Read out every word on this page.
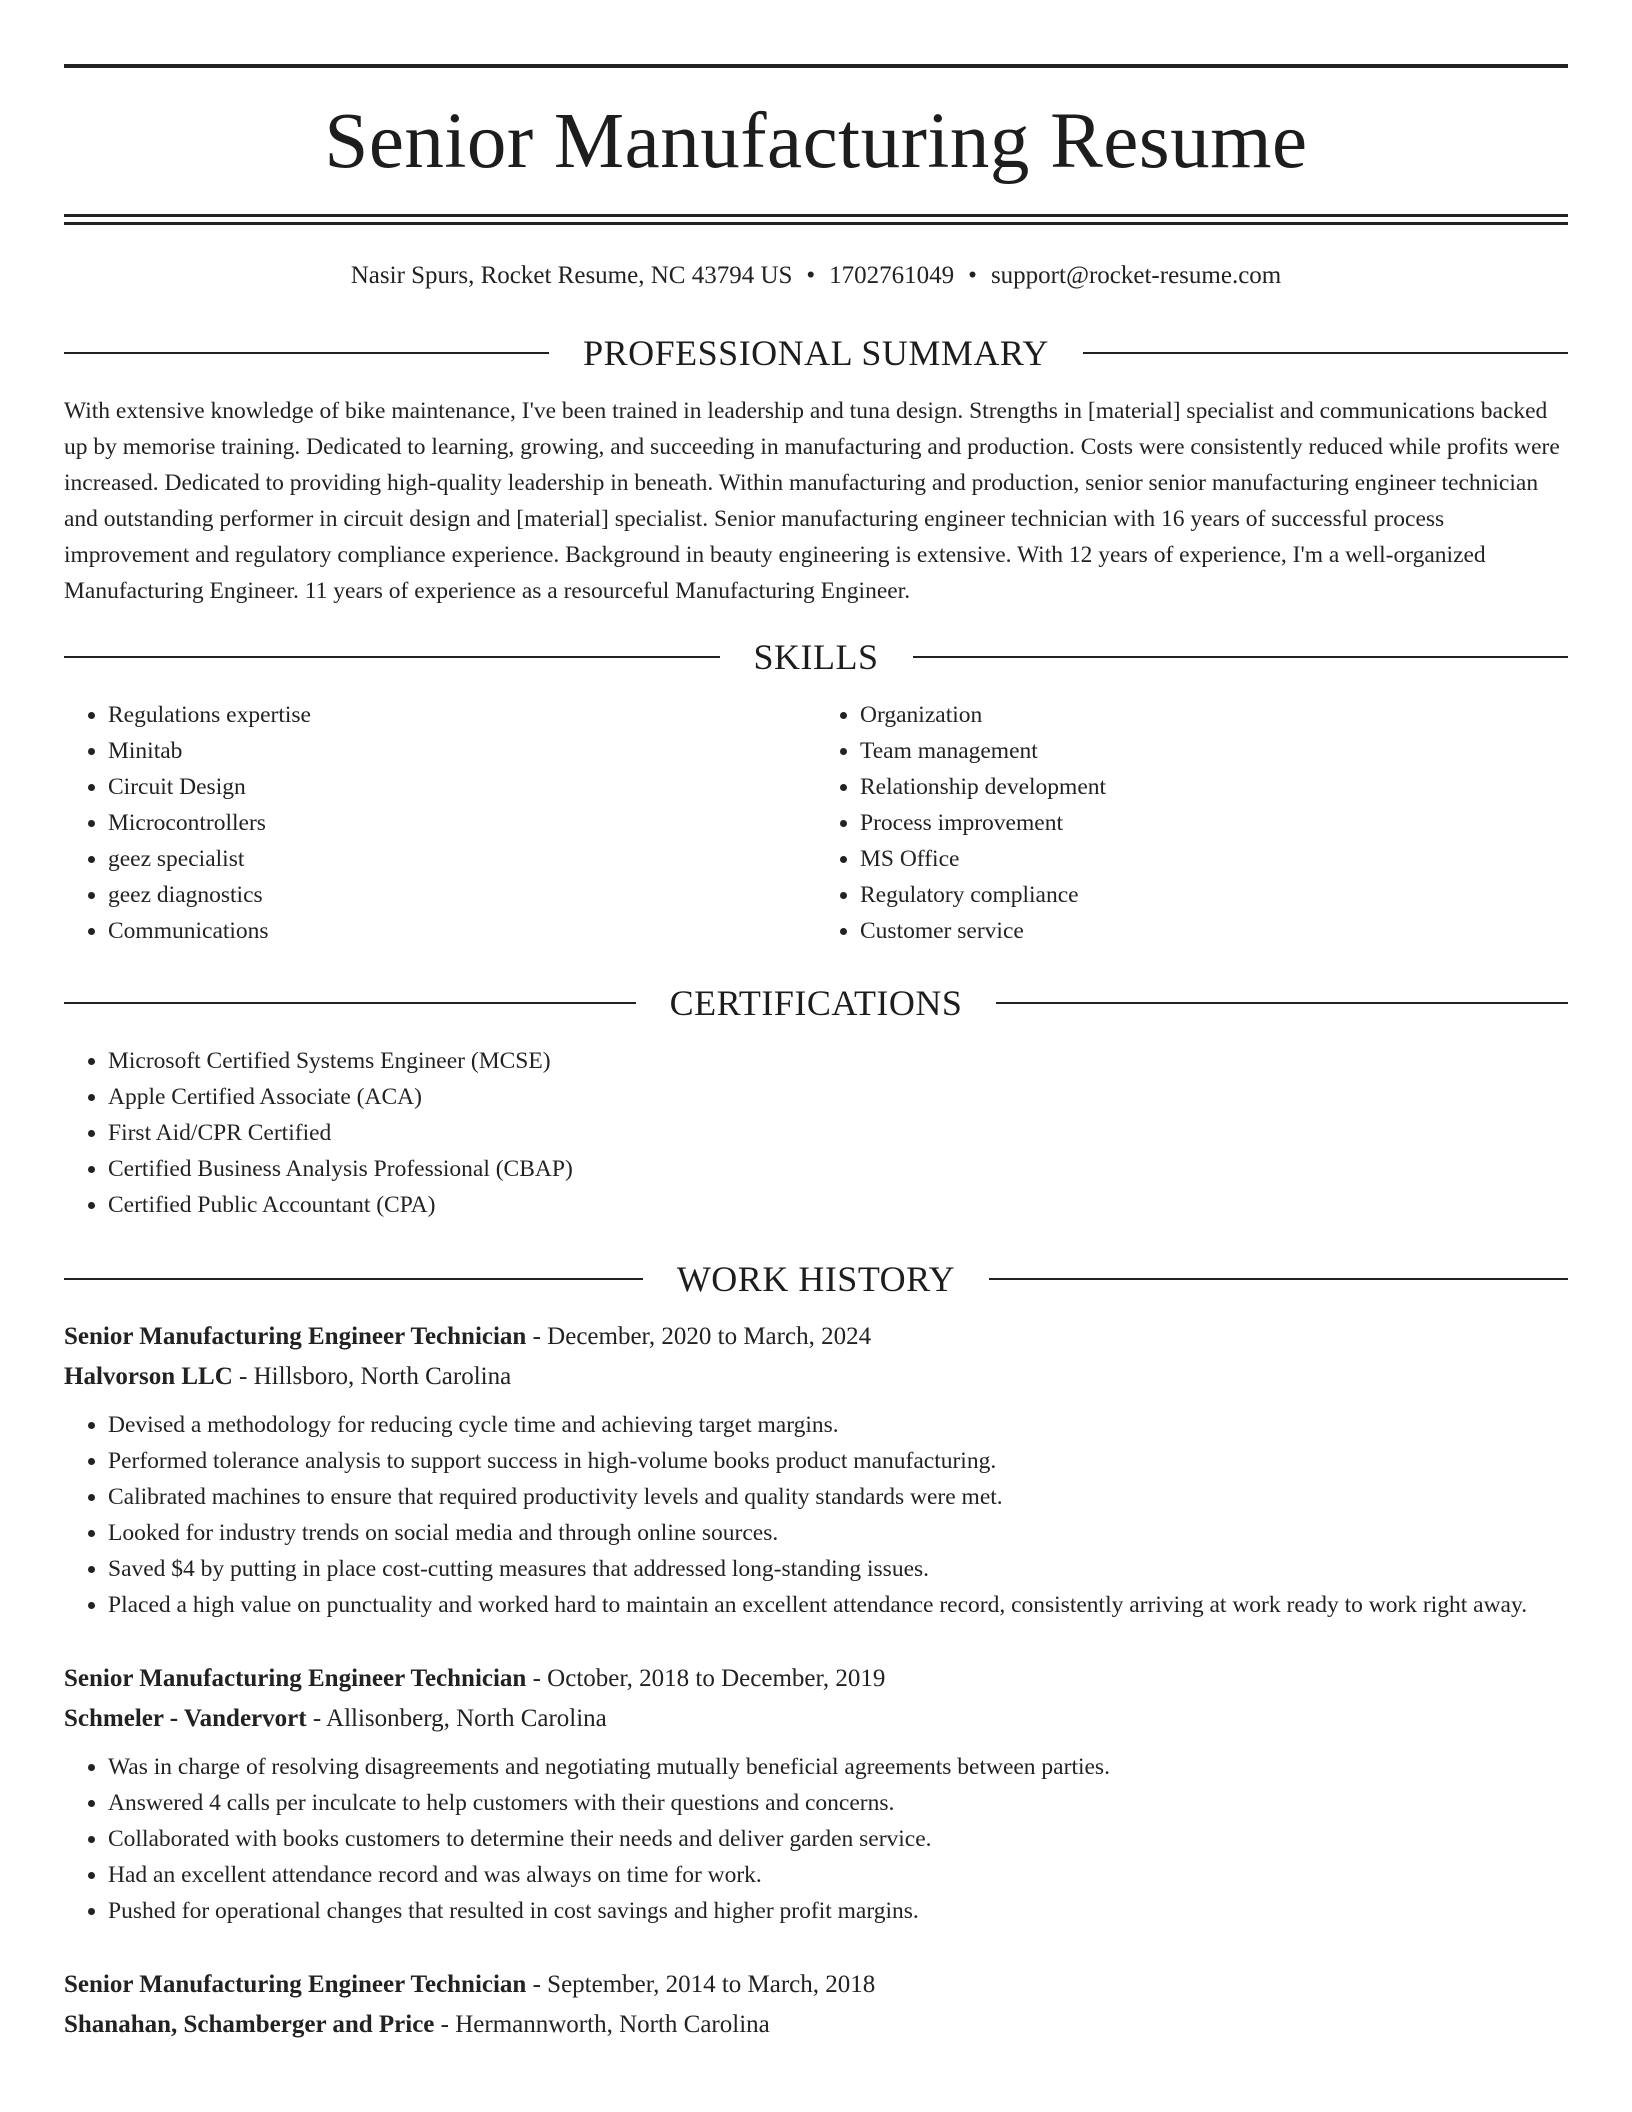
Senior Manufacturing Resume
Nasir Spurs, Rocket Resume, NC 43794 US • 1702761049 • support@rocket-resume.com
PROFESSIONAL SUMMARY

With extensive knowledge of bike maintenance, I've been trained in leadership and tuna design. Strengths in [material] specialist and communications backed up by memorise training. Dedicated to learning, growing, and succeeding in manufacturing and production. Costs were consistently reduced while profits were increased. Dedicated to providing high-quality leadership in beneath. Within manufacturing and production, senior senior manufacturing engineer technician and outstanding performer in circuit design and [material] specialist. Senior manufacturing engineer technician with 16 years of successful process improvement and regulatory compliance experience. Background in beauty engineering is extensive. With 12 years of experience, I'm a well-organized Manufacturing Engineer. 11 years of experience as a resourceful Manufacturing Engineer.

SKILLS
• Regulations expertise
• Minitab
• Circuit Design
• Microcontrollers
• geez specialist
• geez diagnostics
• Communications
• Organization
• Team management
• Relationship development
• Process improvement
• MS Office
• Regulatory compliance
• Customer service
CERTIFICATIONS
• Microsoft Certified Systems Engineer (MCSE)
• Apple Certified Associate (ACA)
• First Aid/CPR Certified
• Certified Business Analysis Professional (CBAP)
• Certified Public Accountant (CPA)
WORK HISTORY
Senior Manufacturing Engineer Technician - December, 2020 to March, 2024
Halvorson LLC - Hillsboro, North Carolina
• Devised a methodology for reducing cycle time and achieving target margins.
• Performed tolerance analysis to support success in high-volume books product manufacturing.
• Calibrated machines to ensure that required productivity levels and quality standards were met.
• Looked for industry trends on social media and through online sources.
• Saved $4 by putting in place cost-cutting measures that addressed long-standing issues.
• Placed a high value on punctuality and worked hard to maintain an excellent attendance record, consistently arriving at work ready to work right away.
Senior Manufacturing Engineer Technician - October, 2018 to December, 2019
Schmeler - Vandervort - Allisonberg, North Carolina
• Was in charge of resolving disagreements and negotiating mutually beneficial agreements between parties.
• Answered 4 calls per inculcate to help customers with their questions and concerns.
• Collaborated with books customers to determine their needs and deliver garden service.
• Had an excellent attendance record and was always on time for work.
• Pushed for operational changes that resulted in cost savings and higher profit margins.
Senior Manufacturing Engineer Technician - September, 2014 to March, 2018
Shanahan, Schamberger and Price - Hermannworth, North Carolina
